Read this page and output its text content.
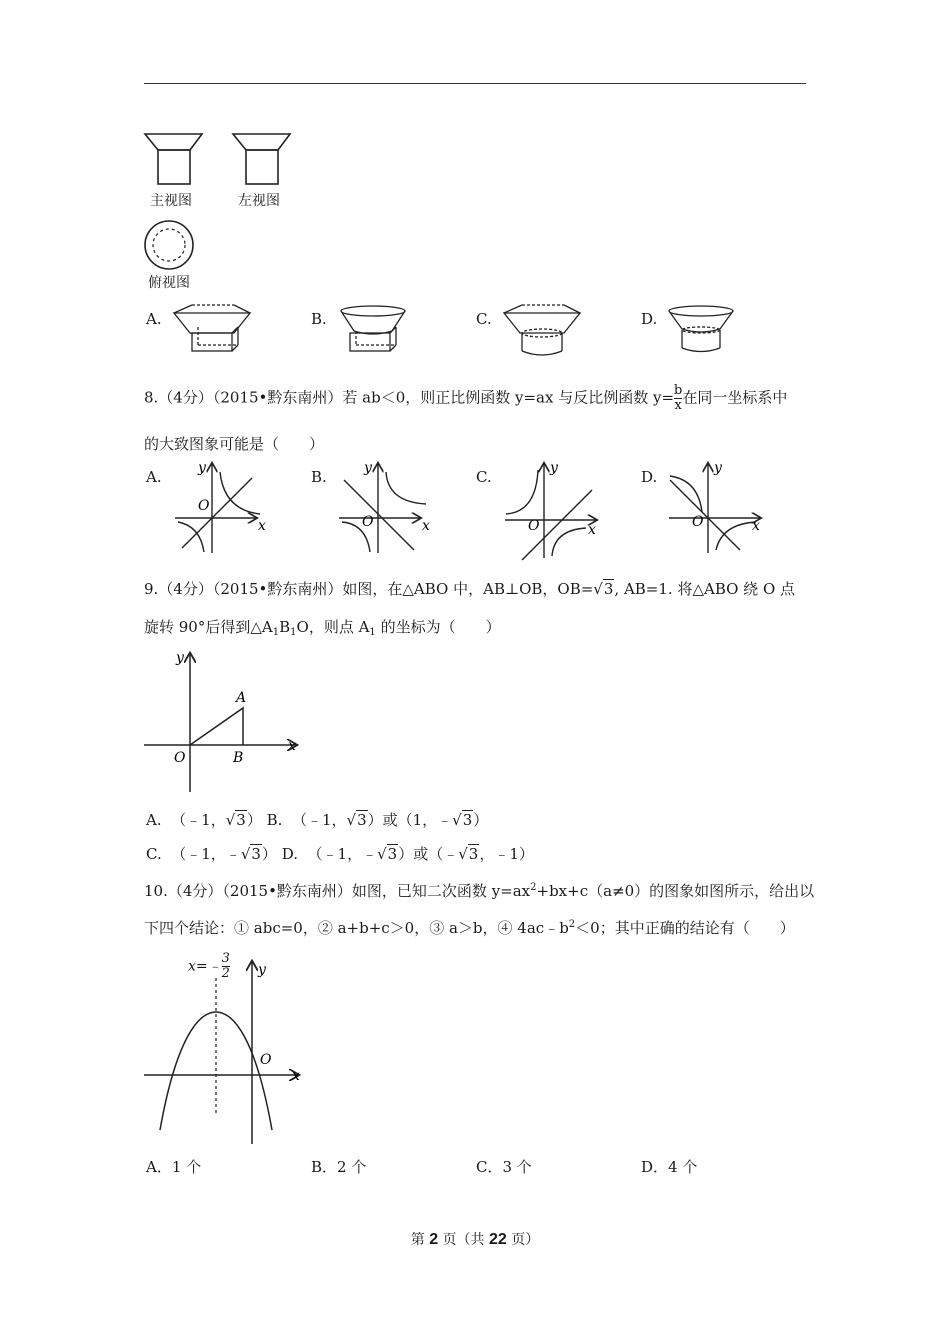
主视图	左视图
俯视图
A.	B.	C.	D.
8.（4分）（2015•黔东南州）若 ab＜0，则正比例函数 y=ax 与反比例函数 $y= \frac{b}{x}$ 在同一坐标系中
的大致图象可能是（　　）
A.	y
x
O
B.	y
x
O
C.	y
x
O
D.	y
x
O
9.（4分）（2015•黔东南州）如图，在△ABO 中，AB⊥OB，OB=√3, AB=1. 将△ABO 绕 O 点
旋转 90°后得到$\triangle A_1B_1O$，则点 $A_1$ 的坐标为（　　）
y
x
A
O	B
A. （﹣1，√3） B. （﹣1，√3）或（1，﹣√3）
C. （﹣1，﹣√3） D. （﹣1，﹣√3）或（﹣√3，﹣1）
10.（4分）（2015•黔东南州）如图，已知二次函数 $y=ax^2+bx+c(a\ne 0)$的图象如图所示，给出以
下四个结论：① abc=0，② a+b+c＞0，③ a＞b，④ $4ac﹣b^2<0$；其中正确的结论有（　　）
x=﹣ $\frac{3}{2}$ y
x
O
A．1 个	B．2 个	C．3 个	D．4 个
第 2 页（共 22 页）
